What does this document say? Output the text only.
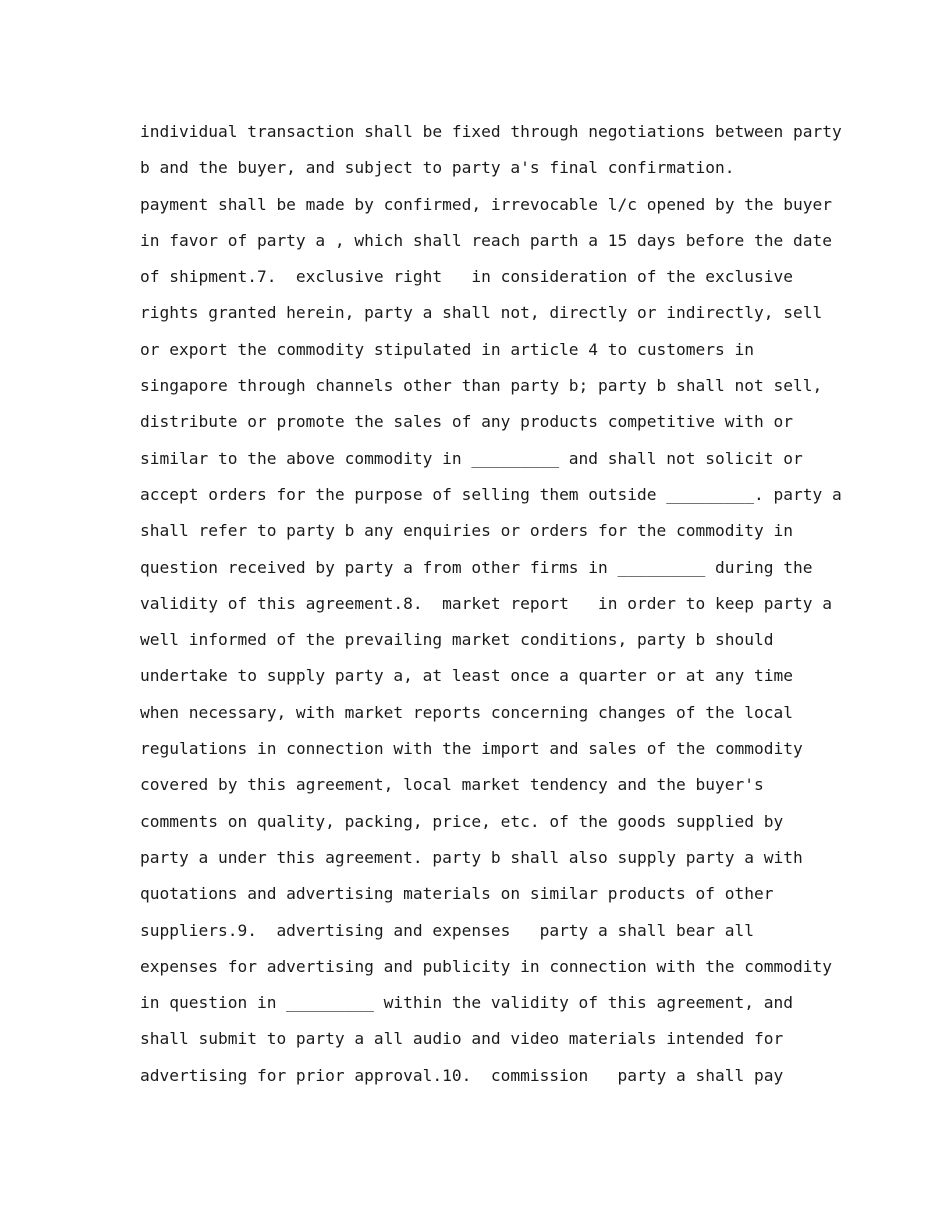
individual transaction shall be fixed through negotiations between party
b and the buyer, and subject to party a's final confirmation.
payment shall be made by confirmed, irrevocable l/c opened by the buyer
in favor of party a , which shall reach parth a 15 days before the date
of shipment.7.  exclusive right   in consideration of the exclusive
rights granted herein, party a shall not, directly or indirectly, sell
or export the commodity stipulated in article 4 to customers in
singapore through channels other than party b; party b shall not sell,
distribute or promote the sales of any products competitive with or
similar to the above commodity in _________ and shall not solicit or
accept orders for the purpose of selling them outside _________. party a
shall refer to party b any enquiries or orders for the commodity in
question received by party a from other firms in _________ during the
validity of this agreement.8.  market report   in order to keep party a
well informed of the prevailing market conditions, party b should
undertake to supply party a, at least once a quarter or at any time
when necessary, with market reports concerning changes of the local
regulations in connection with the import and sales of the commodity
covered by this agreement, local market tendency and the buyer's
comments on quality, packing, price, etc. of the goods supplied by
party a under this agreement. party b shall also supply party a with
quotations and advertising materials on similar products of other
suppliers.9.  advertising and expenses   party a shall bear all
expenses for advertising and publicity in connection with the commodity
in question in _________ within the validity of this agreement, and
shall submit to party a all audio and video materials intended for
advertising for prior approval.10.  commission   party a shall pay
